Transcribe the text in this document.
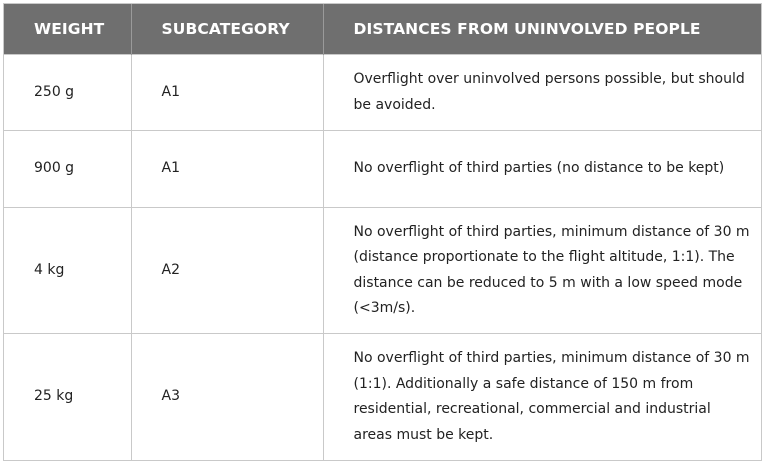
WEIGHT	SUBCATEGORY	DISTANCES FROM UNINVOLVED PEOPLE
250 g	A1	Overflight over uninvolved persons possible, but should be avoided.
900 g	A1	No overflight of third parties (no distance to be kept)
4 kg	A2	No overflight of third parties, minimum distance of 30 m (distance proportionate to the flight altitude, 1:1). The distance can be reduced to 5 m with a low speed mode (<3m/s).
25 kg	A3	No overflight of third parties, minimum distance of 30 m (1:1). Additionally a safe distance of 150 m from residential, recreational, commercial and industrial areas must be kept.
